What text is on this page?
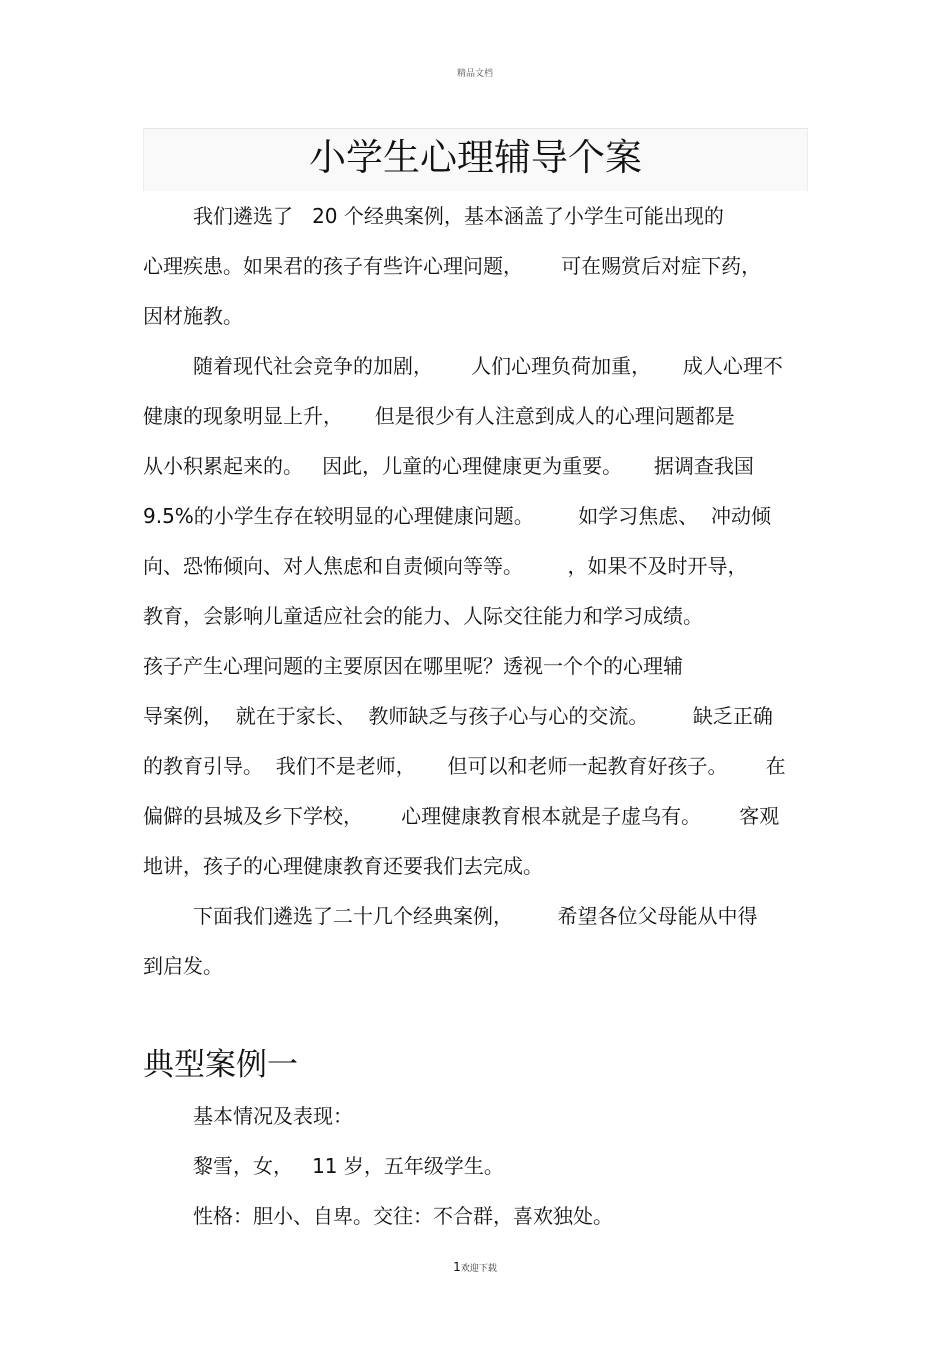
精品文档
小学生心理辅导个案
我们遴选了   20 个经典案例，基本涵盖了小学生可能出现的
心理疾患。如果君的孩子有些许心理问题，      可在赐赏后对症下药，
因材施教。
随着现代社会竞争的加剧，      人们心理负荷加重，     成人心理不
健康的现象明显上升，     但是很少有人注意到成人的心理问题都是
从小积累起来的。   因此，儿童的心理健康更为重要。     据调查我国
9.5%的小学生存在较明显的心理健康问题。       如学习焦虑、  冲动倾
向、恐怖倾向、对人焦虑和自责倾向等等。       ，如果不及时开导，
教育，会影响儿童适应社会的能力、人际交往能力和学习成绩。
孩子产生心理问题的主要原因在哪里呢？透视一个个的心理辅
导案例，  就在于家长、  教师缺乏与孩子心与心的交流。       缺乏正确
的教育引导。  我们不是老师，     但可以和老师一起教育好孩子。      在
偏僻的县城及乡下学校，      心理健康教育根本就是子虚乌有。      客观
地讲，孩子的心理健康教育还要我们去完成。
下面我们遴选了二十几个经典案例，       希望各位父母能从中得
到启发。
典型案例一
基本情况及表现：
黎雪，女，   11 岁，五年级学生。
性格：胆小、自卑。交往：不合群，喜欢独处。
1欢迎下载
